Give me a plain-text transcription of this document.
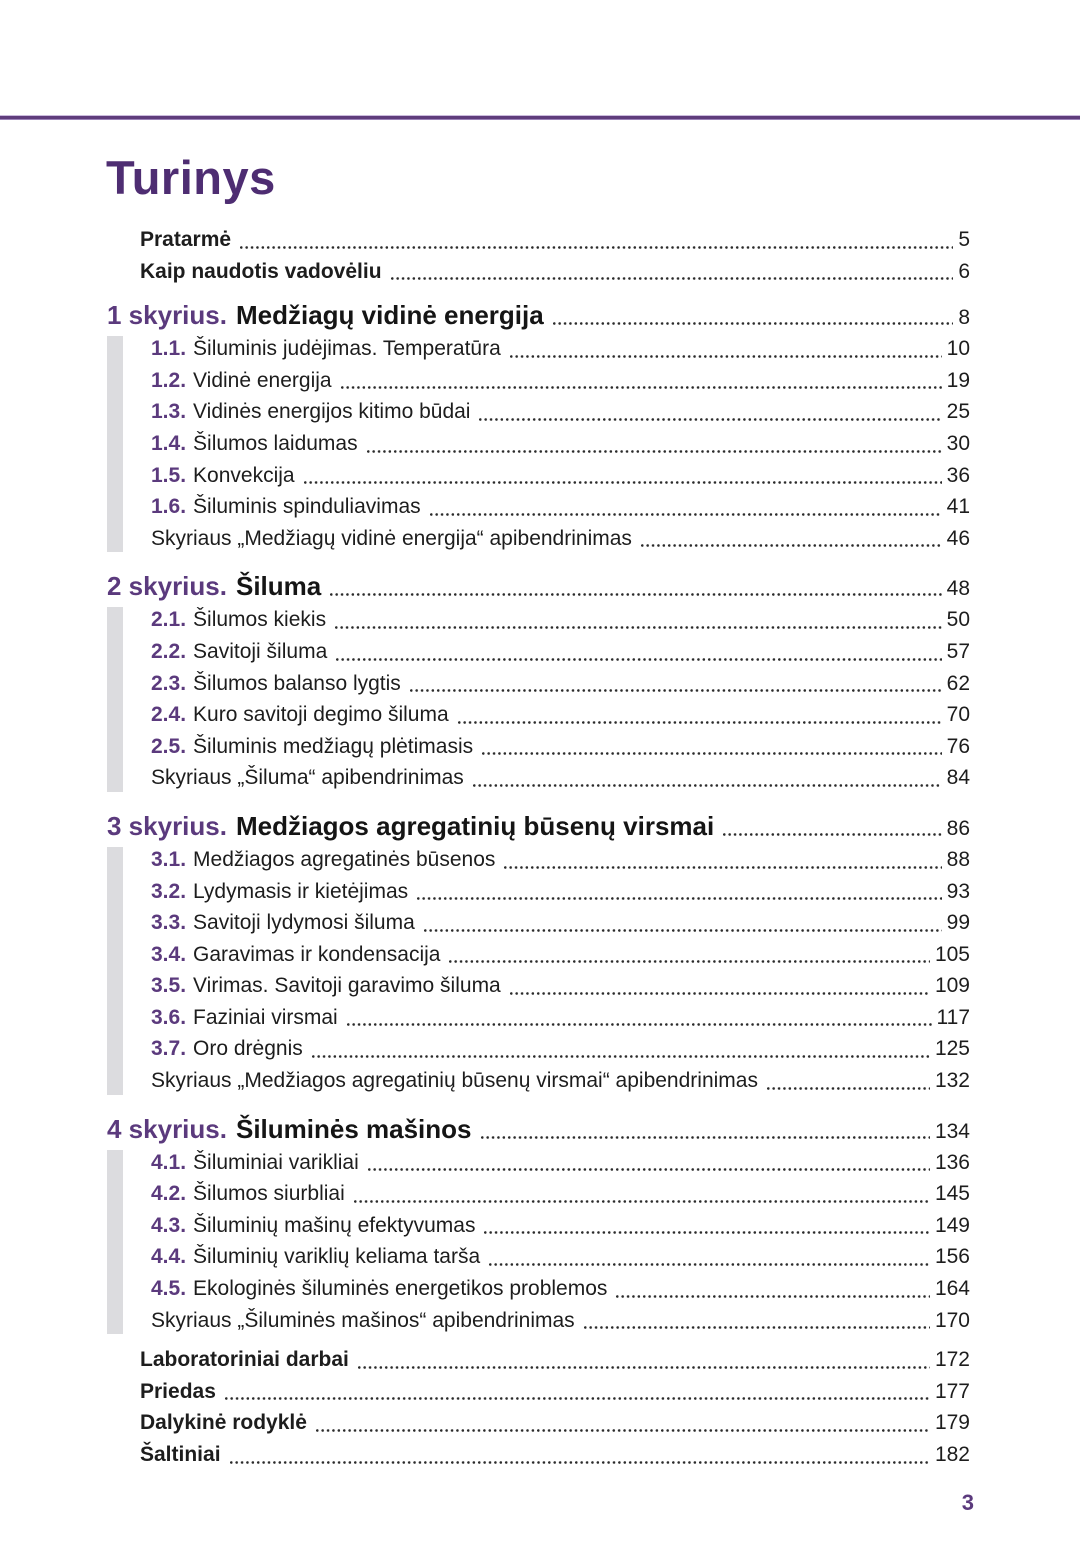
Turinys
Pratarmė	5
Kaip naudotis vadovėliu	6
1 skyrius. Medžiagų vidinė energija	8
1.1. Šiluminis judėjimas. Temperatūra	10
1.2. Vidinė energija	19
1.3. Vidinės energijos kitimo būdai	25
1.4. Šilumos laidumas	30
1.5. Konvekcija	36
1.6. Šiluminis spinduliavimas	41
Skyriaus „Medžiagų vidinė energija“ apibendrinimas	46
2 skyrius. Šiluma	48
2.1. Šilumos kiekis	50
2.2. Savitoji šiluma	57
2.3. Šilumos balanso lygtis	62
2.4. Kuro savitoji degimo šiluma	70
2.5. Šiluminis medžiagų plėtimasis	76
Skyriaus „Šiluma“ apibendrinimas	84
3 skyrius. Medžiagos agregatinių būsenų virsmai	86
3.1. Medžiagos agregatinės būsenos	88
3.2. Lydymasis ir kietėjimas	93
3.3. Savitoji lydymosi šiluma	99
3.4. Garavimas ir kondensacija	105
3.5. Virimas. Savitoji garavimo šiluma	109
3.6. Faziniai virsmai	117
3.7. Oro drėgnis	125
Skyriaus „Medžiagos agregatinių būsenų virsmai“ apibendrinimas	132
4 skyrius. Šiluminės mašinos	134
4.1. Šiluminiai varikliai	136
4.2. Šilumos siurbliai	145
4.3. Šiluminių mašinų efektyvumas	149
4.4. Šiluminių variklių keliama tarša	156
4.5. Ekologinės šiluminės energetikos problemos	164
Skyriaus „Šiluminės mašinos“ apibendrinimas	170
Laboratoriniai darbai	172
Priedas	177
Dalykinė rodyklė	179
Šaltiniai	182
3
